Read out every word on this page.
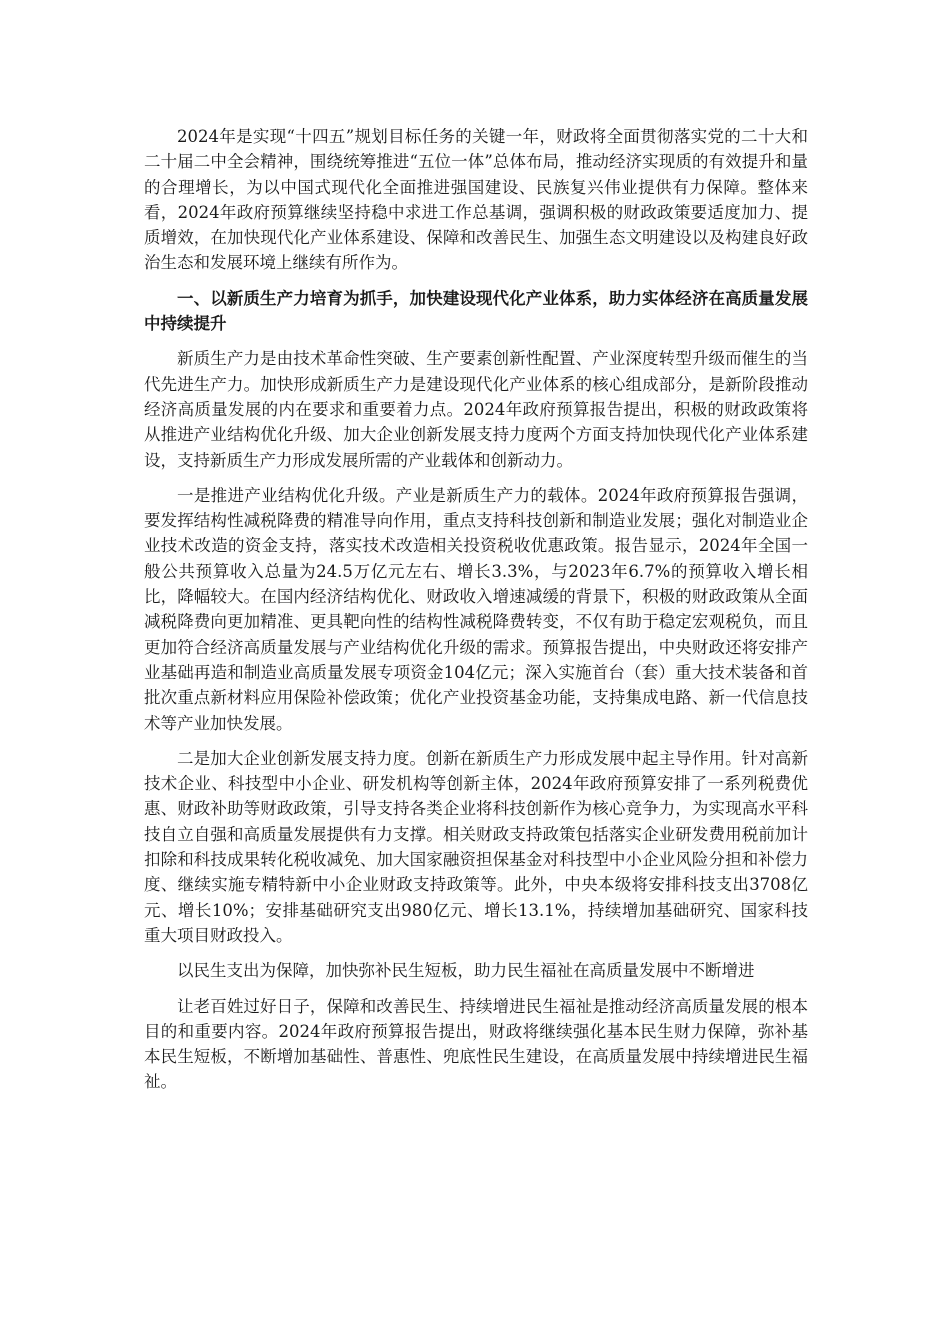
2024年是实现“十四五”规划目标任务的关键一年，财政将全面贯彻落实党的二十大和二十届二中全会精神，围绕统筹推进“五位一体”总体布局，推动经济实现质的有效提升和量的合理增长，为以中国式现代化全面推进强国建设、民族复兴伟业提供有力保障。整体来看，2024年政府预算继续坚持稳中求进工作总基调，强调积极的财政政策要适度加力、提质增效，在加快现代化产业体系建设、保障和改善民生、加强生态文明建设以及构建良好政治生态和发展环境上继续有所作为。

一、以新质生产力培育为抓手，加快建设现代化产业体系，助力实体经济在高质量发展中持续提升

新质生产力是由技术革命性突破、生产要素创新性配置、产业深度转型升级而催生的当代先进生产力。加快形成新质生产力是建设现代化产业体系的核心组成部分，是新阶段推动经济高质量发展的内在要求和重要着力点。2024年政府预算报告提出，积极的财政政策将从推进产业结构优化升级、加大企业创新发展支持力度两个方面支持加快现代化产业体系建设，支持新质生产力形成发展所需的产业载体和创新动力。

一是推进产业结构优化升级。产业是新质生产力的载体。2024年政府预算报告强调，要发挥结构性减税降费的精准导向作用，重点支持科技创新和制造业发展；强化对制造业企业技术改造的资金支持，落实技术改造相关投资税收优惠政策。报告显示，2024年全国一般公共预算收入总量为24.5万亿元左右、增长3.3%，与2023年6.7%的预算收入增长相比，降幅较大。在国内经济结构优化、财政收入增速减缓的背景下，积极的财政政策从全面减税降费向更加精准、更具靶向性的结构性减税降费转变，不仅有助于稳定宏观税负，而且更加符合经济高质量发展与产业结构优化升级的需求。预算报告提出，中央财政还将安排产业基础再造和制造业高质量发展专项资金104亿元；深入实施首台（套）重大技术装备和首批次重点新材料应用保险补偿政策；优化产业投资基金功能，支持集成电路、新一代信息技术等产业加快发展。

二是加大企业创新发展支持力度。创新在新质生产力形成发展中起主导作用。针对高新技术企业、科技型中小企业、研发机构等创新主体，2024年政府预算安排了一系列税费优惠、财政补助等财政政策，引导支持各类企业将科技创新作为核心竞争力，为实现高水平科技自立自强和高质量发展提供有力支撑。相关财政支持政策包括落实企业研发费用税前加计扣除和科技成果转化税收减免、加大国家融资担保基金对科技型中小企业风险分担和补偿力度、继续实施专精特新中小企业财政支持政策等。此外，中央本级将安排科技支出3708亿元、增长10%；安排基础研究支出980亿元、增长13.1%，持续增加基础研究、国家科技重大项目财政投入。

以民生支出为保障，加快弥补民生短板，助力民生福祉在高质量发展中不断增进

让老百姓过好日子，保障和改善民生、持续增进民生福祉是推动经济高质量发展的根本目的和重要内容。2024年政府预算报告提出，财政将继续强化基本民生财力保障，弥补基本民生短板，不断增加基础性、普惠性、兜底性民生建设，在高质量发展中持续增进民生福祉。
